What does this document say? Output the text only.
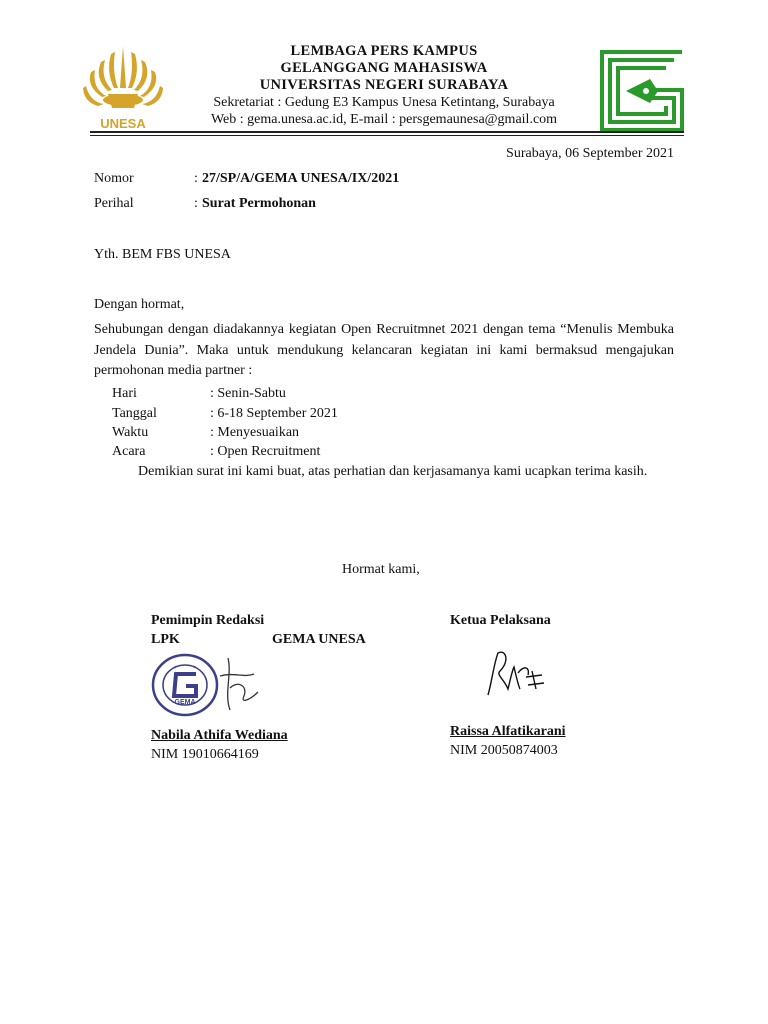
UNESA
LEMBAGA PERS KAMPUS
GELANGGANG MAHASISWA
UNIVERSITAS NEGERI SURABAYA
Sekretariat : Gedung E3 Kampus Unesa Ketintang, Surabaya
Web : gema.unesa.ac.id, E-mail : persgemaunesa@gmail.com
Surabaya, 06 September 2021
Nomor	: 27/SP/A/GEMA UNESA/IX/2021
Perihal	: Surat Permohonan
Yth. BEM FBS UNESA
Dengan hormat,
Sehubungan dengan diadakannya kegiatan Open Recruitmnet 2021 dengan tema “Menulis Membuka Jendela Dunia”. Maka untuk mendukung kelancaran kegiatan ini kami bermaksud mengajukan permohonan media partner :
Hari	: Senin-Sabtu
Tanggal	: 6-18 September 2021
Waktu	: Menyesuaikan
Acara	: Open Recruitment
Demikian surat ini kami buat, atas perhatian dan kerjasamanya kami ucapkan terima kasih.
Hormat kami,
Pemimpin Redaksi
LPK	GEMA UNESA
GEMA
Nabila Athifa Wediana
NIM 19010664169
Ketua Pelaksana
Raissa Alfatikarani
NIM 20050874003
